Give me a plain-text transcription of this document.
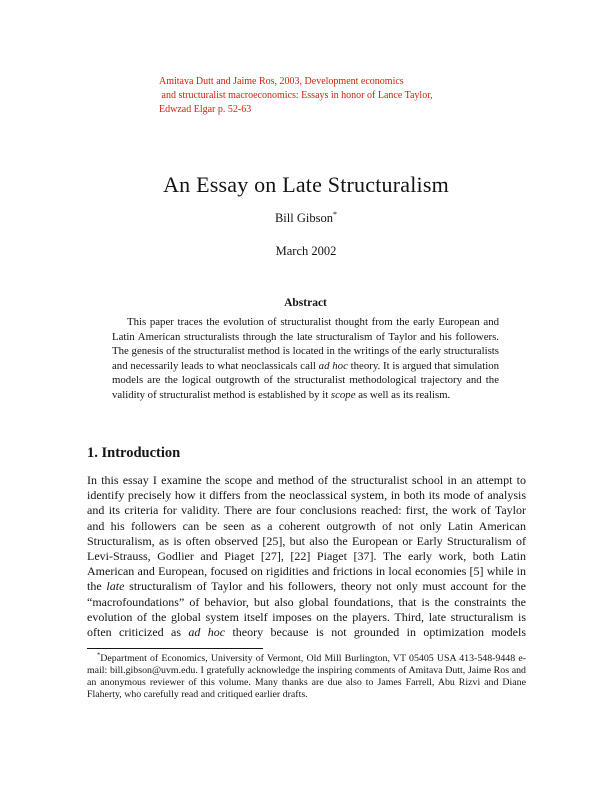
Amitava Dutt and Jaime Ros, 2003, Development economics
and structuralist macroeconomics: Essays in honor of Lance Taylor,
Edwzad Elgar p. 52-63
An Essay on Late Structuralism
Bill Gibson*
March 2002
Abstract
This paper traces the evolution of structuralist thought from the early European and Latin American structuralists through the late structuralism of Taylor and his followers. The genesis of the structuralist method is located in the writings of the early structuralists and necessarily leads to what neoclassicals call ad hoc theory. It is argued that simulation models are the logical outgrowth of the structuralist methodological trajectory and the validity of structuralist method is established by it scope as well as its realism.
1. Introduction
In this essay I examine the scope and method of the structuralist school in an attempt to identify precisely how it differs from the neoclassical system, in both its mode of analysis and its criteria for validity. There are four conclusions reached: first, the work of Taylor and his followers can be seen as a coherent outgrowth of not only Latin American Structuralism, as is often observed [25], but also the European or Early Structuralism of Levi-Strauss, Godlier and Piaget [27], [22] Piaget [37]. The early work, both Latin American and European, focused on rigidities and frictions in local economies [5] while in the late structuralism of Taylor and his followers, theory not only must account for the “macrofoundations” of behavior, but also global foundations, that is the constraints the evolution of the global system itself imposes on the players. Third, late structuralism is often criticized as ad hoc theory because is not grounded in optimization models
*Department of Economics, University of Vermont, Old Mill Burlington, VT 05405 USA 413-548-9448 e-mail: bill.gibson@uvm.edu. I gratefully acknowledge the inspiring comments of Amitava Dutt, Jaime Ros and an anonymous reviewer of this volume. Many thanks are due also to James Farrell, Abu Rizvi and Diane Flaherty, who carefully read and critiqued earlier drafts.
